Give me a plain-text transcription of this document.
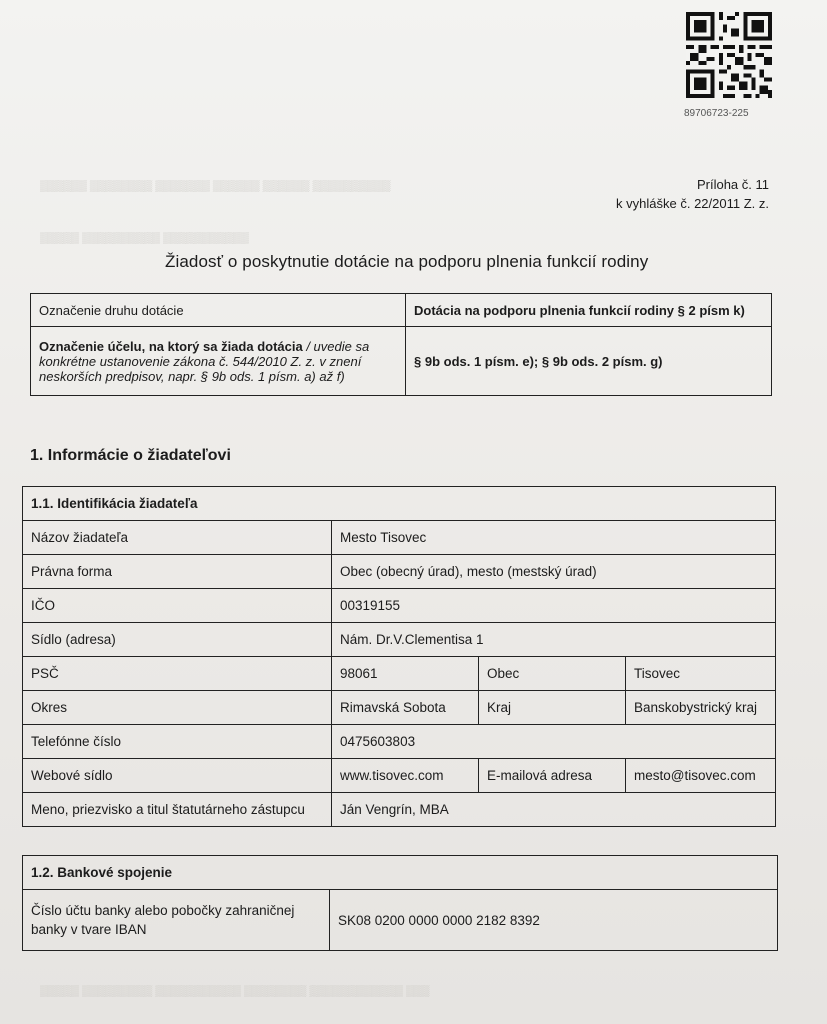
89706723-225
▒▒▒▒▒▒ ▒▒▒▒▒▒▒▒ ▒▒▒▒▒▒▒ ▒▒▒▒▒▒ ▒▒▒▒▒▒ ▒▒▒▒▒▒▒▒▒▒
▒▒▒▒▒ ▒▒▒▒▒▒▒▒▒▒ ▒▒▒▒▒▒▒▒▒▒▒
Príloha č. 11
k vyhláške č. 22/2011 Z. z.
Žiadosť o poskytnutie dotácie na podporu plnenia funkcií rodiny
Označenie druhu dotácie	Dotácia na podporu plnenia funkcií rodiny § 2 písm k)
Označenie účelu, na ktorý sa žiada dotácia / uvedie sa konkrétne ustanovenie zákona č. 544/2010 Z. z. v znení neskorších predpisov, napr. § 9b ods. 1 písm. a) až f)	§ 9b ods. 1 písm. e); § 9b ods. 2 písm. g)
1. Informácie o žiadateľovi
1.1. Identifikácia žiadateľa			
Názov žiadateľa	Mesto Tisovec		
Právna forma	Obec (obecný úrad), mesto (mestský úrad)		
IČO	00319155		
Sídlo (adresa)	Nám. Dr.V.Clementisa 1		
PSČ	98061	Obec	Tisovec
Okres	Rimavská Sobota	Kraj	Banskobystrický kraj
Telefónne číslo	0475603803		
Webové sídlo	www.tisovec.com	E-mailová adresa	mesto@tisovec.com
Meno, priezvisko a titul štatutárneho zástupcu	Ján Vengrín, MBA		
1.2. Bankové spojenie
Číslo účtu banky alebo pobočky zahraničnej banky v tvare IBAN	SK08 0200 0000 0000 2182 8392
▒▒▒▒▒ ▒▒▒▒▒▒▒▒▒ ▒▒▒▒▒▒▒▒▒▒▒ ▒▒▒▒▒▒▒▒ ▒▒▒▒▒▒▒▒▒▒▒▒ ▒▒▒
